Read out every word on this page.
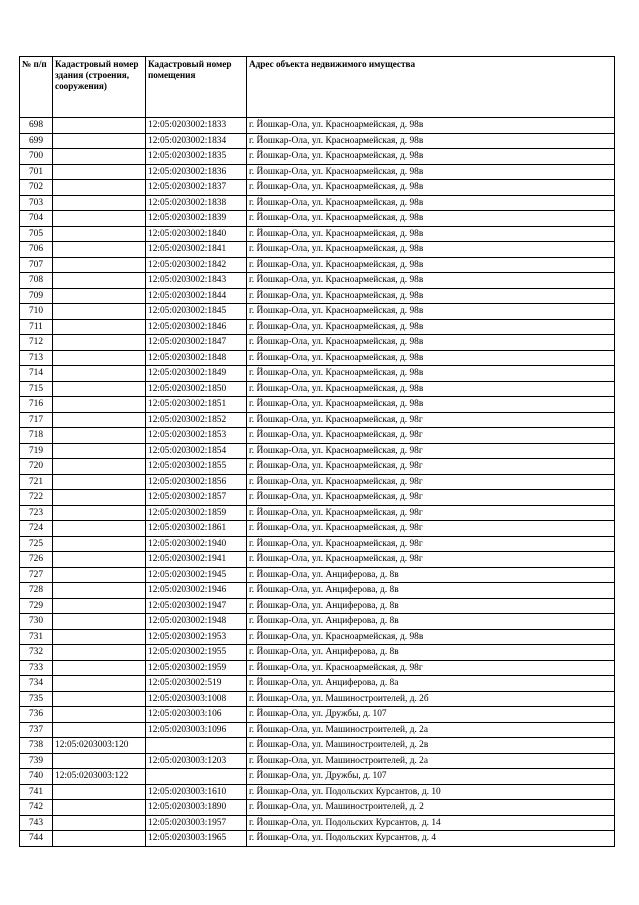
№ п/п	Кадастровый номер здания (строения, сооружения)	Кадастровый номер помещения	Адрес объекта недвижимого имущества
698		12:05:0203002:1833	г. Йошкар-Ола, ул. Красноармейская, д. 98в
699		12:05:0203002:1834	г. Йошкар-Ола, ул. Красноармейская, д. 98в
700		12:05:0203002:1835	г. Йошкар-Ола, ул. Красноармейская, д. 98в
701		12:05:0203002:1836	г. Йошкар-Ола, ул. Красноармейская, д. 98в
702		12:05:0203002:1837	г. Йошкар-Ола, ул. Красноармейская, д. 98в
703		12:05:0203002:1838	г. Йошкар-Ола, ул. Красноармейская, д. 98в
704		12:05:0203002:1839	г. Йошкар-Ола, ул. Красноармейская, д. 98в
705		12:05:0203002:1840	г. Йошкар-Ола, ул. Красноармейская, д. 98в
706		12:05:0203002:1841	г. Йошкар-Ола, ул. Красноармейская, д. 98в
707		12:05:0203002:1842	г. Йошкар-Ола, ул. Красноармейская, д. 98в
708		12:05:0203002:1843	г. Йошкар-Ола, ул. Красноармейская, д. 98в
709		12:05:0203002:1844	г. Йошкар-Ола, ул. Красноармейская, д. 98в
710		12:05:0203002:1845	г. Йошкар-Ола, ул. Красноармейская, д. 98в
711		12:05:0203002:1846	г. Йошкар-Ола, ул. Красноармейская, д. 98в
712		12:05:0203002:1847	г. Йошкар-Ола, ул. Красноармейская, д. 98в
713		12:05:0203002:1848	г. Йошкар-Ола, ул. Красноармейская, д. 98в
714		12:05:0203002:1849	г. Йошкар-Ола, ул. Красноармейская, д. 98в
715		12:05:0203002:1850	г. Йошкар-Ола, ул. Красноармейская, д. 98в
716		12:05:0203002:1851	г. Йошкар-Ола, ул. Красноармейская, д. 98в
717		12:05:0203002:1852	г. Йошкар-Ола, ул. Красноармейская, д. 98г
718		12:05:0203002:1853	г. Йошкар-Ола, ул. Красноармейская, д. 98г
719		12:05:0203002:1854	г. Йошкар-Ола, ул. Красноармейская, д. 98г
720		12:05:0203002:1855	г. Йошкар-Ола, ул. Красноармейская, д. 98г
721		12:05:0203002:1856	г. Йошкар-Ола, ул. Красноармейская, д. 98г
722		12:05:0203002:1857	г. Йошкар-Ола, ул. Красноармейская, д. 98г
723		12:05:0203002:1859	г. Йошкар-Ола, ул. Красноармейская, д. 98г
724		12:05:0203002:1861	г. Йошкар-Ола, ул. Красноармейская, д. 98г
725		12:05:0203002:1940	г. Йошкар-Ола, ул. Красноармейская, д. 98г
726		12:05:0203002:1941	г. Йошкар-Ола, ул. Красноармейская, д. 98г
727		12:05:0203002:1945	г. Йошкар-Ола, ул. Анциферова, д. 8в
728		12:05:0203002:1946	г. Йошкар-Ола, ул. Анциферова, д. 8в
729		12:05:0203002:1947	г. Йошкар-Ола, ул. Анциферова, д. 8в
730		12:05:0203002:1948	г. Йошкар-Ола, ул. Анциферова, д. 8в
731		12:05:0203002:1953	г. Йошкар-Ола, ул. Красноармейская, д. 98в
732		12:05:0203002:1955	г. Йошкар-Ола, ул. Анциферова, д. 8в
733		12:05:0203002:1959	г. Йошкар-Ола, ул. Красноармейская, д. 98г
734		12:05:0203002:519	г. Йошкар-Ола, ул. Анциферова, д. 8а
735		12:05:0203003:1008	г. Йошкар-Ола, ул. Машиностроителей, д. 2б
736		12:05:0203003:106	г. Йошкар-Ола, ул. Дружбы, д. 107
737		12:05:0203003:1096	г. Йошкар-Ола, ул. Машиностроителей, д. 2а
738	12:05:0203003:120		г. Йошкар-Ола, ул. Машиностроителей, д. 2в
739		12:05:0203003:1203	г. Йошкар-Ола, ул. Машиностроителей, д. 2а
740	12:05:0203003:122		г. Йошкар-Ола, ул. Дружбы, д. 107
741		12:05:0203003:1610	г. Йошкар-Ола, ул. Подольских Курсантов, д. 10
742		12:05:0203003:1890	г. Йошкар-Ола, ул. Машиностроителей, д. 2
743		12:05:0203003:1957	г. Йошкар-Ола, ул. Подольских Курсантов, д. 14
744		12:05:0203003:1965	г. Йошкар-Ола, ул. Подольских Курсантов, д. 4
